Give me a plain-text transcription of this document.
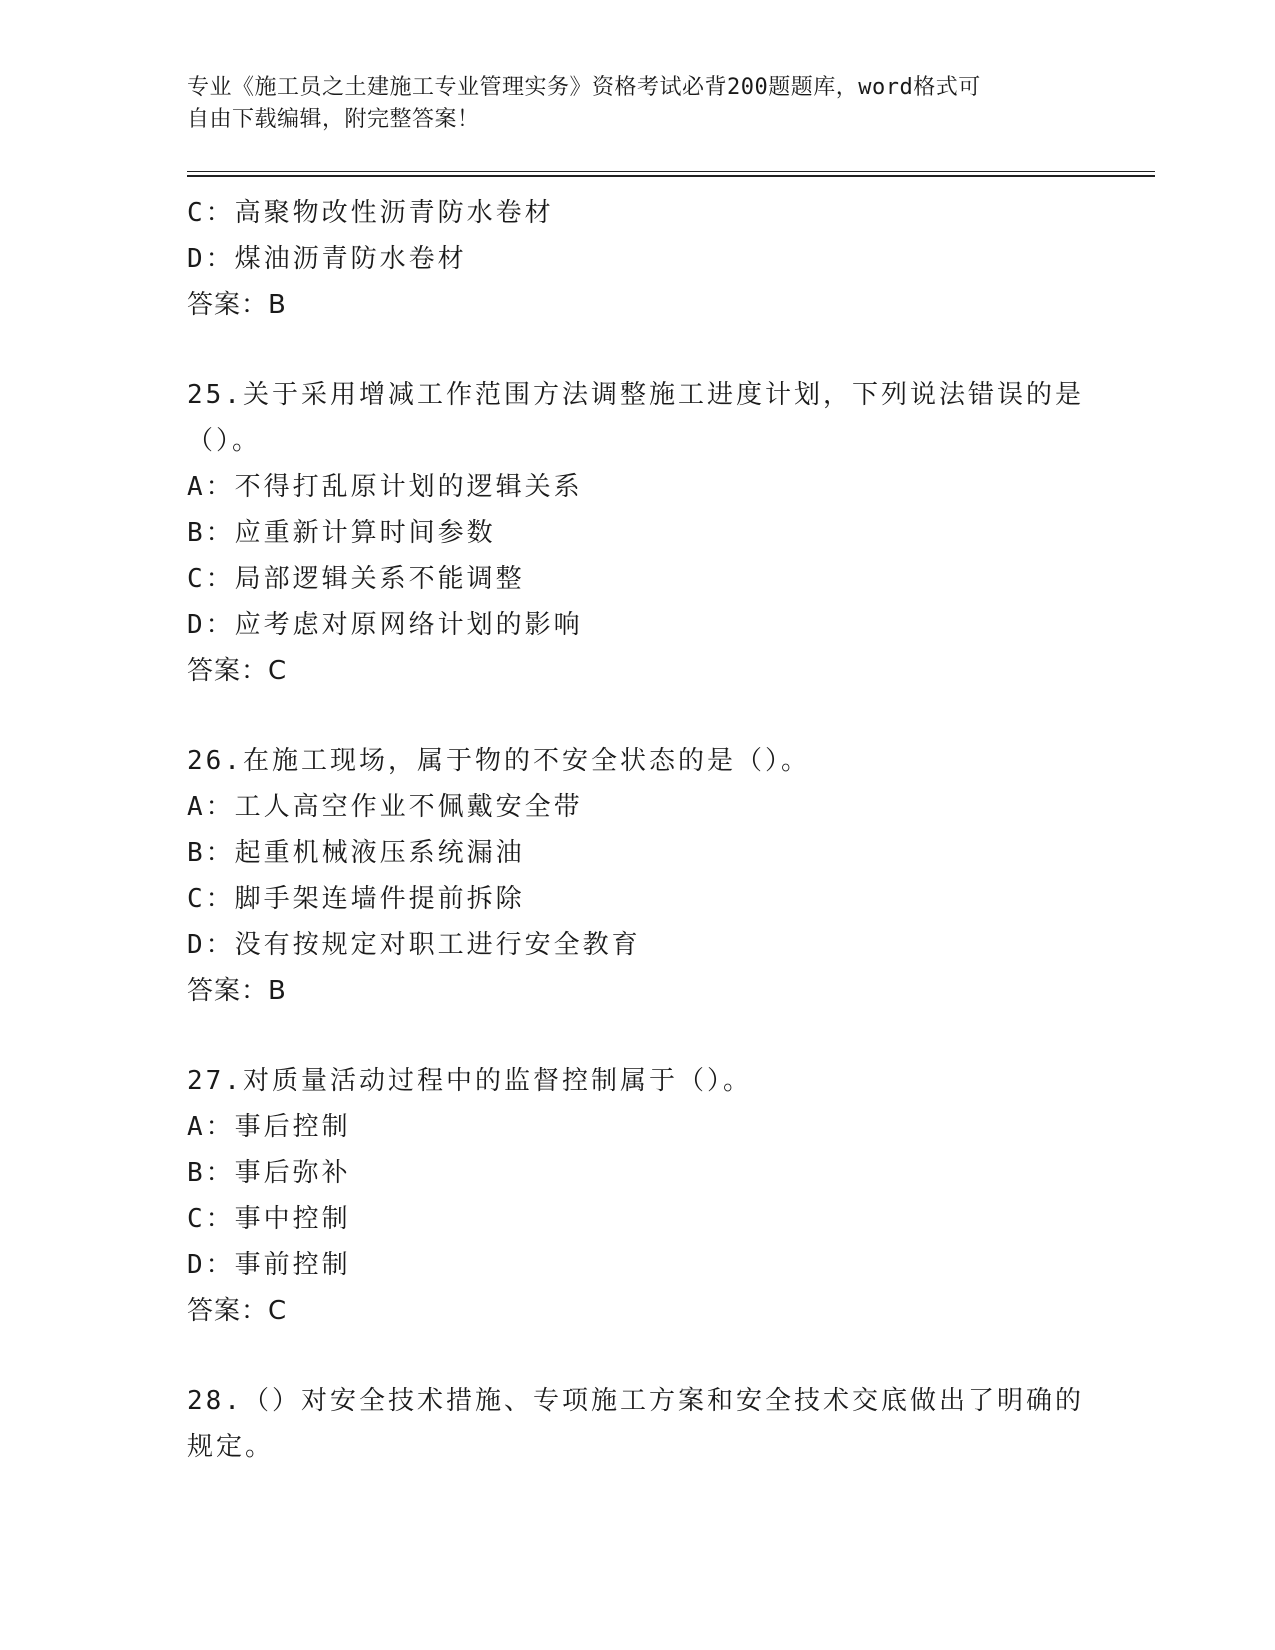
专业《施工员之土建施工专业管理实务》资格考试必背200题题库，word格式可
自由下载编辑，附完整答案！
C：高聚物改性沥青防水卷材
D：煤油沥青防水卷材
答案：B
25.关于采用增减工作范围方法调整施工进度计划，下列说法错误的是
（）。
A：不得打乱原计划的逻辑关系
B：应重新计算时间参数
C：局部逻辑关系不能调整
D：应考虑对原网络计划的影响
答案：C
26.在施工现场，属于物的不安全状态的是（）。
A：工人高空作业不佩戴安全带
B：起重机械液压系统漏油
C：脚手架连墙件提前拆除
D：没有按规定对职工进行安全教育
答案：B
27.对质量活动过程中的监督控制属于（）。
A：事后控制
B：事后弥补
C：事中控制
D：事前控制
答案：C
28.（）对安全技术措施、专项施工方案和安全技术交底做出了明确的
规定。
